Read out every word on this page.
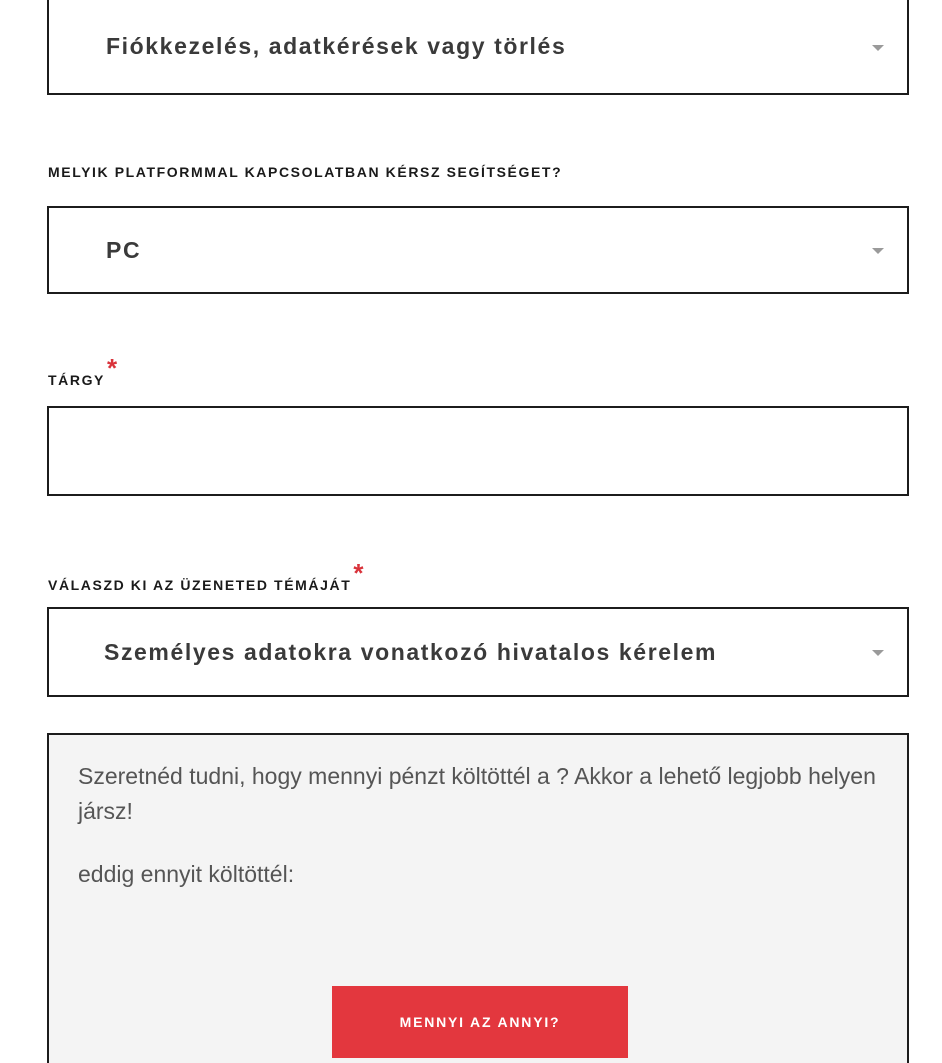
Fiókkezelés, adatkérések vagy törlés
MELYIK PLATFORMMAL KAPCSOLATBAN KÉRSZ SEGÍTSÉGET?
PC
TÁRGY*
VÁLASZD KI AZ ÜZENETED TÉMÁJÁT*
Személyes adatokra vonatkozó hivatalos kérelem

Szeretnéd tudni, hogy mennyi pénzt költöttél a ? Akkor a lehető legjobb helyen jársz!

eddig ennyit költöttél:

MENNYI AZ ANNYI?
